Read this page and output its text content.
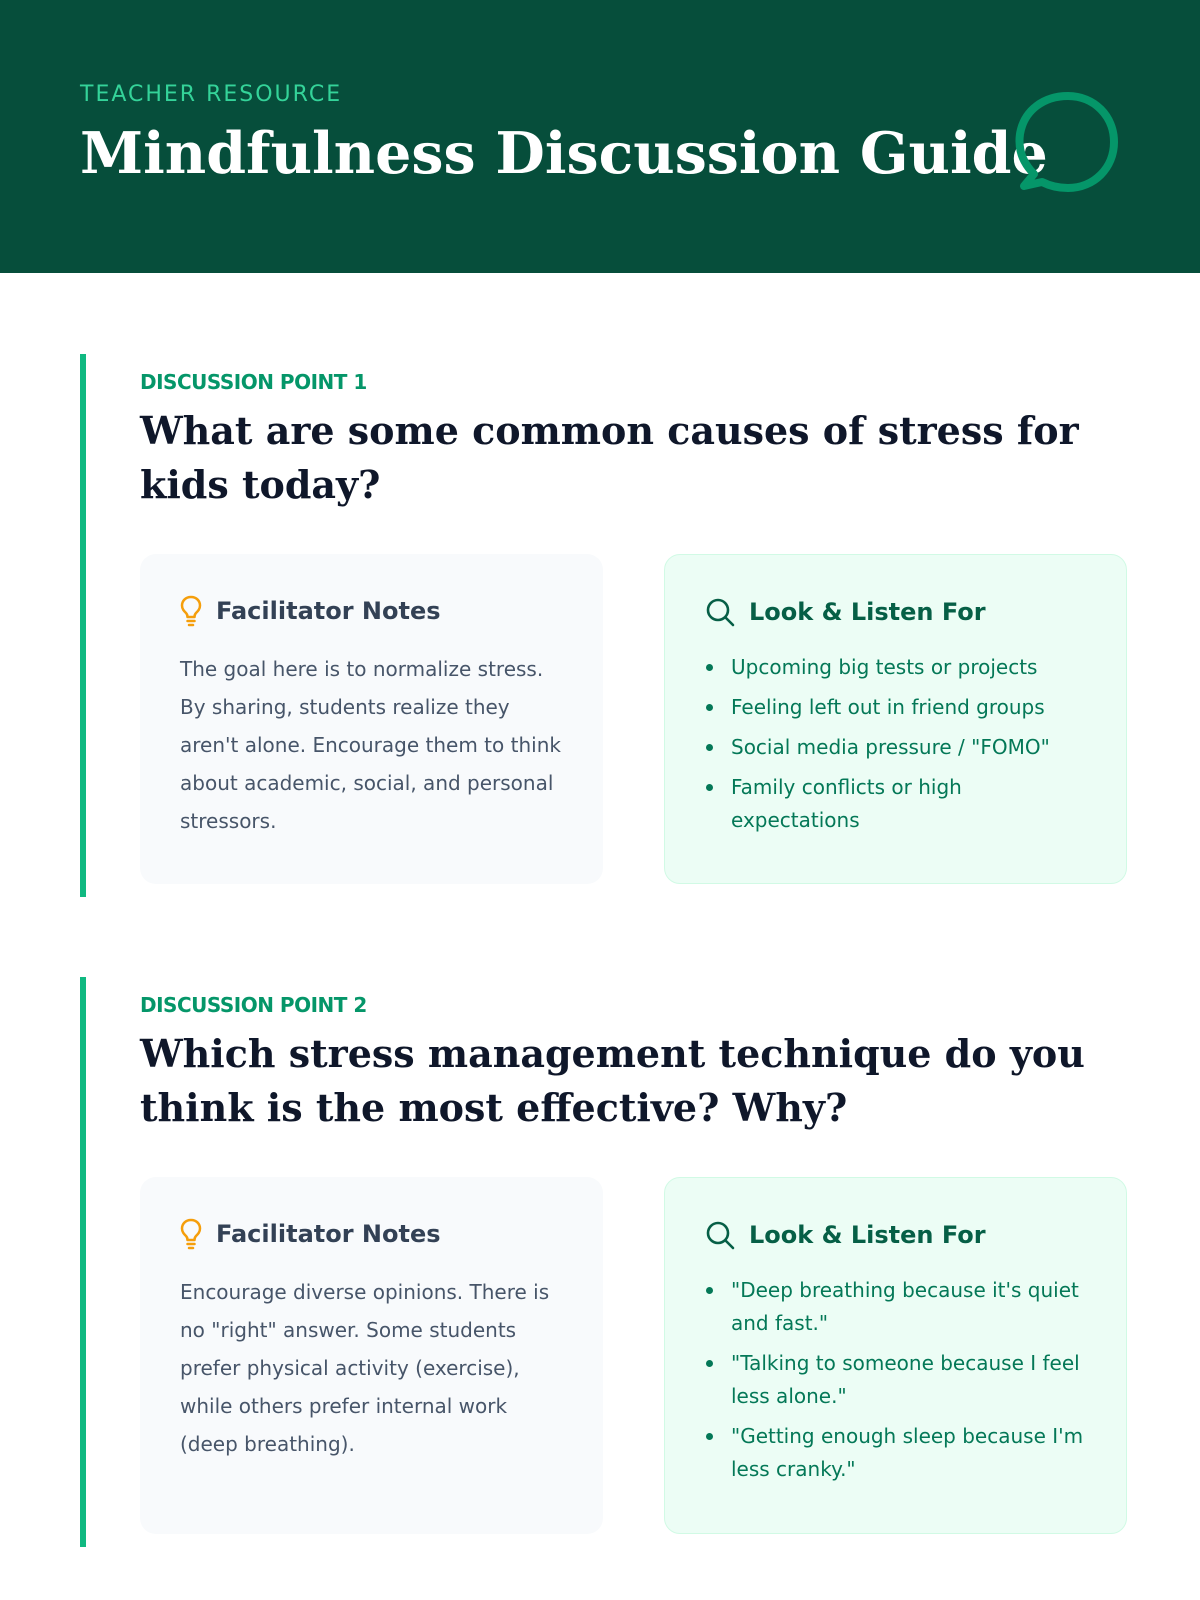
TEACHER RESOURCE
Mindfulness Discussion Guide
DISCUSSION POINT 1
What are some common causes of stress for kids today?
Facilitator Notes

The goal here is to normalize stress. By sharing, students realize they aren't alone. Encourage them to think about academic, social, and personal stressors.

Look & Listen For
Upcoming big tests or projects
Feeling left out in friend groups
Social media pressure / "FOMO"
Family conflicts or high expectations
DISCUSSION POINT 2
Which stress management technique do you think is the most effective? Why?
Facilitator Notes

Encourage diverse opinions. There is no "right" answer. Some students prefer physical activity (exercise), while others prefer internal work (deep breathing).

Look & Listen For
"Deep breathing because it's quiet and fast."
"Talking to someone because I feel less alone."
"Getting enough sleep because I'm less cranky."
